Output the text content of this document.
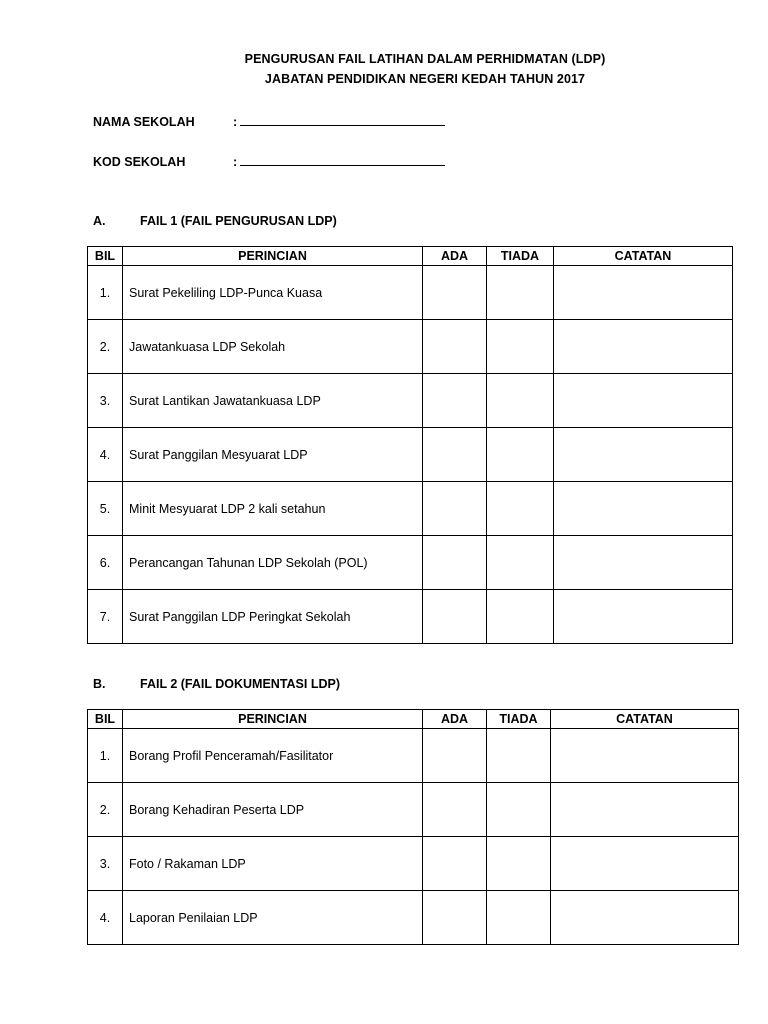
PENGURUSAN FAIL LATIHAN DALAM PERHIDMATAN (LDP)
JABATAN PENDIDIKAN NEGERI KEDAH TAHUN 2017
NAMA SEKOLAH	:
KOD SEKOLAH	:
A.	FAIL 1 (FAIL PENGURUSAN LDP)
BIL	PERINCIAN	ADA	TIADA	CATATAN
1.	Surat Pekeliling LDP-Punca Kuasa			
2.	Jawatankuasa LDP Sekolah			
3.	Surat Lantikan Jawatankuasa LDP			
4.	Surat Panggilan Mesyuarat LDP			
5.	Minit Mesyuarat LDP 2 kali setahun			
6.	Perancangan Tahunan LDP Sekolah (POL)			
7.	Surat Panggilan LDP Peringkat Sekolah			
B.	FAIL 2 (FAIL DOKUMENTASI LDP)
BIL	PERINCIAN	ADA	TIADA	CATATAN
1.	Borang Profil Penceramah/Fasilitator			
2.	Borang Kehadiran Peserta LDP			
3.	Foto / Rakaman LDP			
4.	Laporan Penilaian LDP			
